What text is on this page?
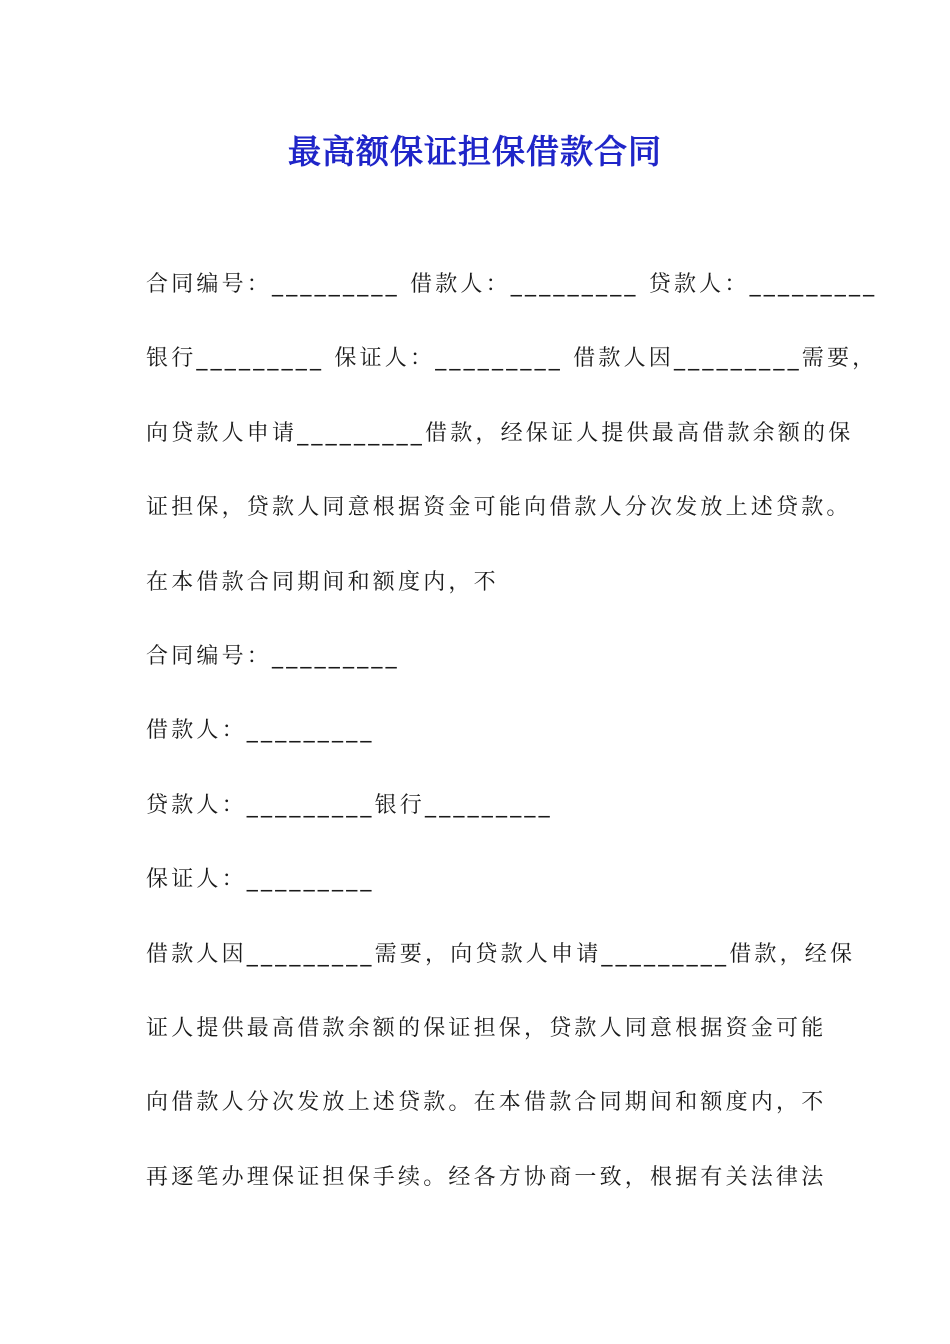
最高额保证担保借款合同
合同编号：_________ 借款人：_________ 贷款人：_________
银行_________ 保证人：_________ 借款人因_________需要，
向贷款人申请_________借款，经保证人提供最高借款余额的保
证担保，贷款人同意根据资金可能向借款人分次发放上述贷款。
在本借款合同期间和额度内，不
合同编号：_________
借款人：_________
贷款人：_________银行_________
保证人：_________
借款人因_________需要，向贷款人申请_________借款，经保
证人提供最高借款余额的保证担保，贷款人同意根据资金可能
向借款人分次发放上述贷款。在本借款合同期间和额度内，不
再逐笔办理保证担保手续。经各方协商一致，根据有关法律法
